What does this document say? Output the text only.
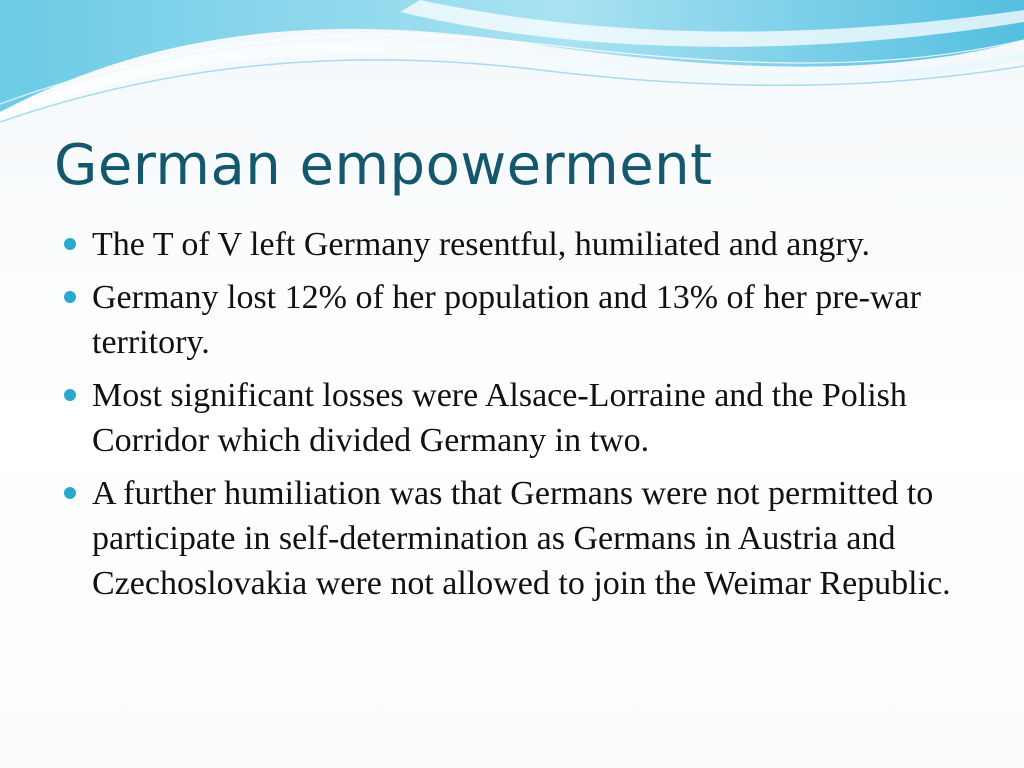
German empowerment
The T of V left Germany resentful, humiliated and angry.
Germany lost 12% of her population and 13% of her pre-war territory.
Most significant losses were Alsace-Lorraine and the Polish Corridor which divided Germany in two.
A further humiliation was that Germans were not permitted to participate in self-determination as Germans in Austria and Czechoslovakia were not allowed to join the Weimar Republic.
